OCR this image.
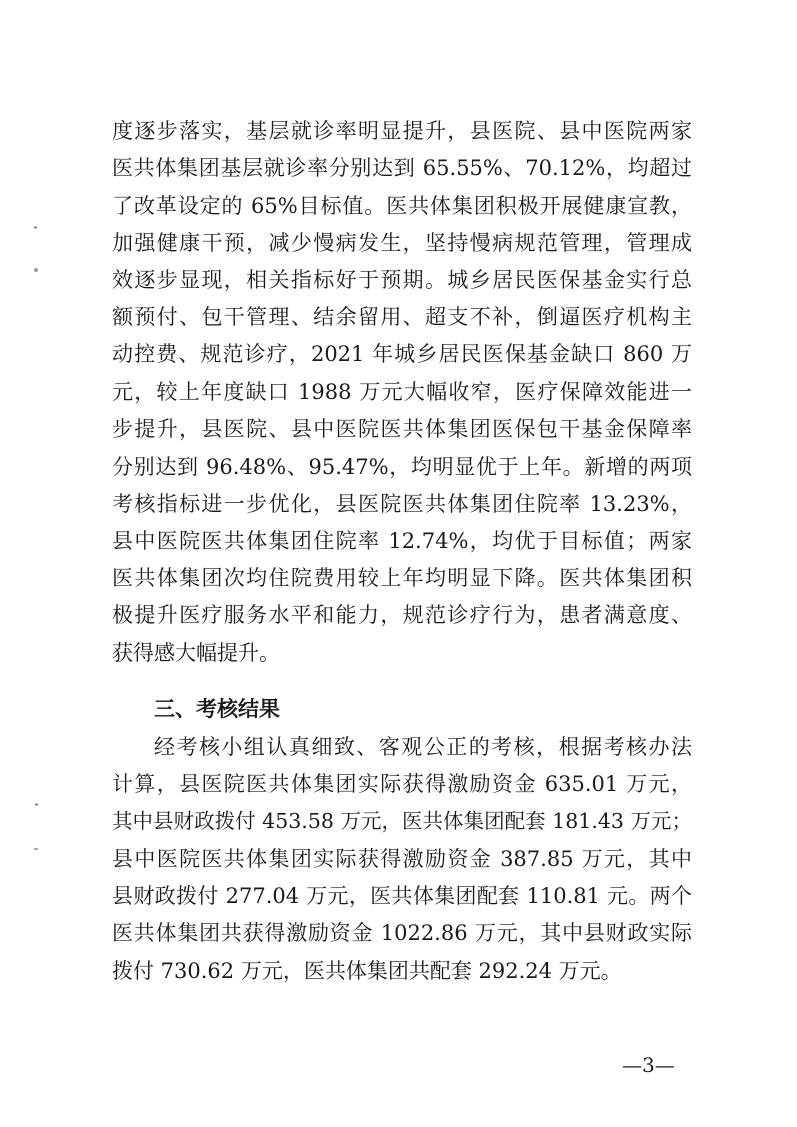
度逐步落实，基层就诊率明显提升，县医院、县中医院两家
医共体集团基层就诊率分别达到 65.55%、70.12%，均超过
了改革设定的 65%目标值。医共体集团积极开展健康宣教，
加强健康干预，减少慢病发生，坚持慢病规范管理，管理成
效逐步显现，相关指标好于预期。城乡居民医保基金实行总
额预付、包干管理、结余留用、超支不补，倒逼医疗机构主
动控费、规范诊疗，2021 年城乡居民医保基金缺口 860 万
元，较上年度缺口 1988 万元大幅收窄，医疗保障效能进一
步提升，县医院、县中医院医共体集团医保包干基金保障率
分别达到 96.48%、95.47%，均明显优于上年。新增的两项
考核指标进一步优化，县医院医共体集团住院率 13.23%，
县中医院医共体集团住院率 12.74%，均优于目标值；两家
医共体集团次均住院费用较上年均明显下降。医共体集团积
极提升医疗服务水平和能力，规范诊疗行为，患者满意度、
获得感大幅提升。
三、考核结果
经考核小组认真细致、客观公正的考核，根据考核办法
计算，县医院医共体集团实际获得激励资金 635.01 万元，
其中县财政拨付 453.58 万元，医共体集团配套 181.43 万元；
县中医院医共体集团实际获得激励资金 387.85 万元，其中
县财政拨付 277.04 万元，医共体集团配套 110.81 元。两个
医共体集团共获得激励资金 1022.86 万元，其中县财政实际
拨付 730.62 万元，医共体集团共配套 292.24 万元。
—3—
